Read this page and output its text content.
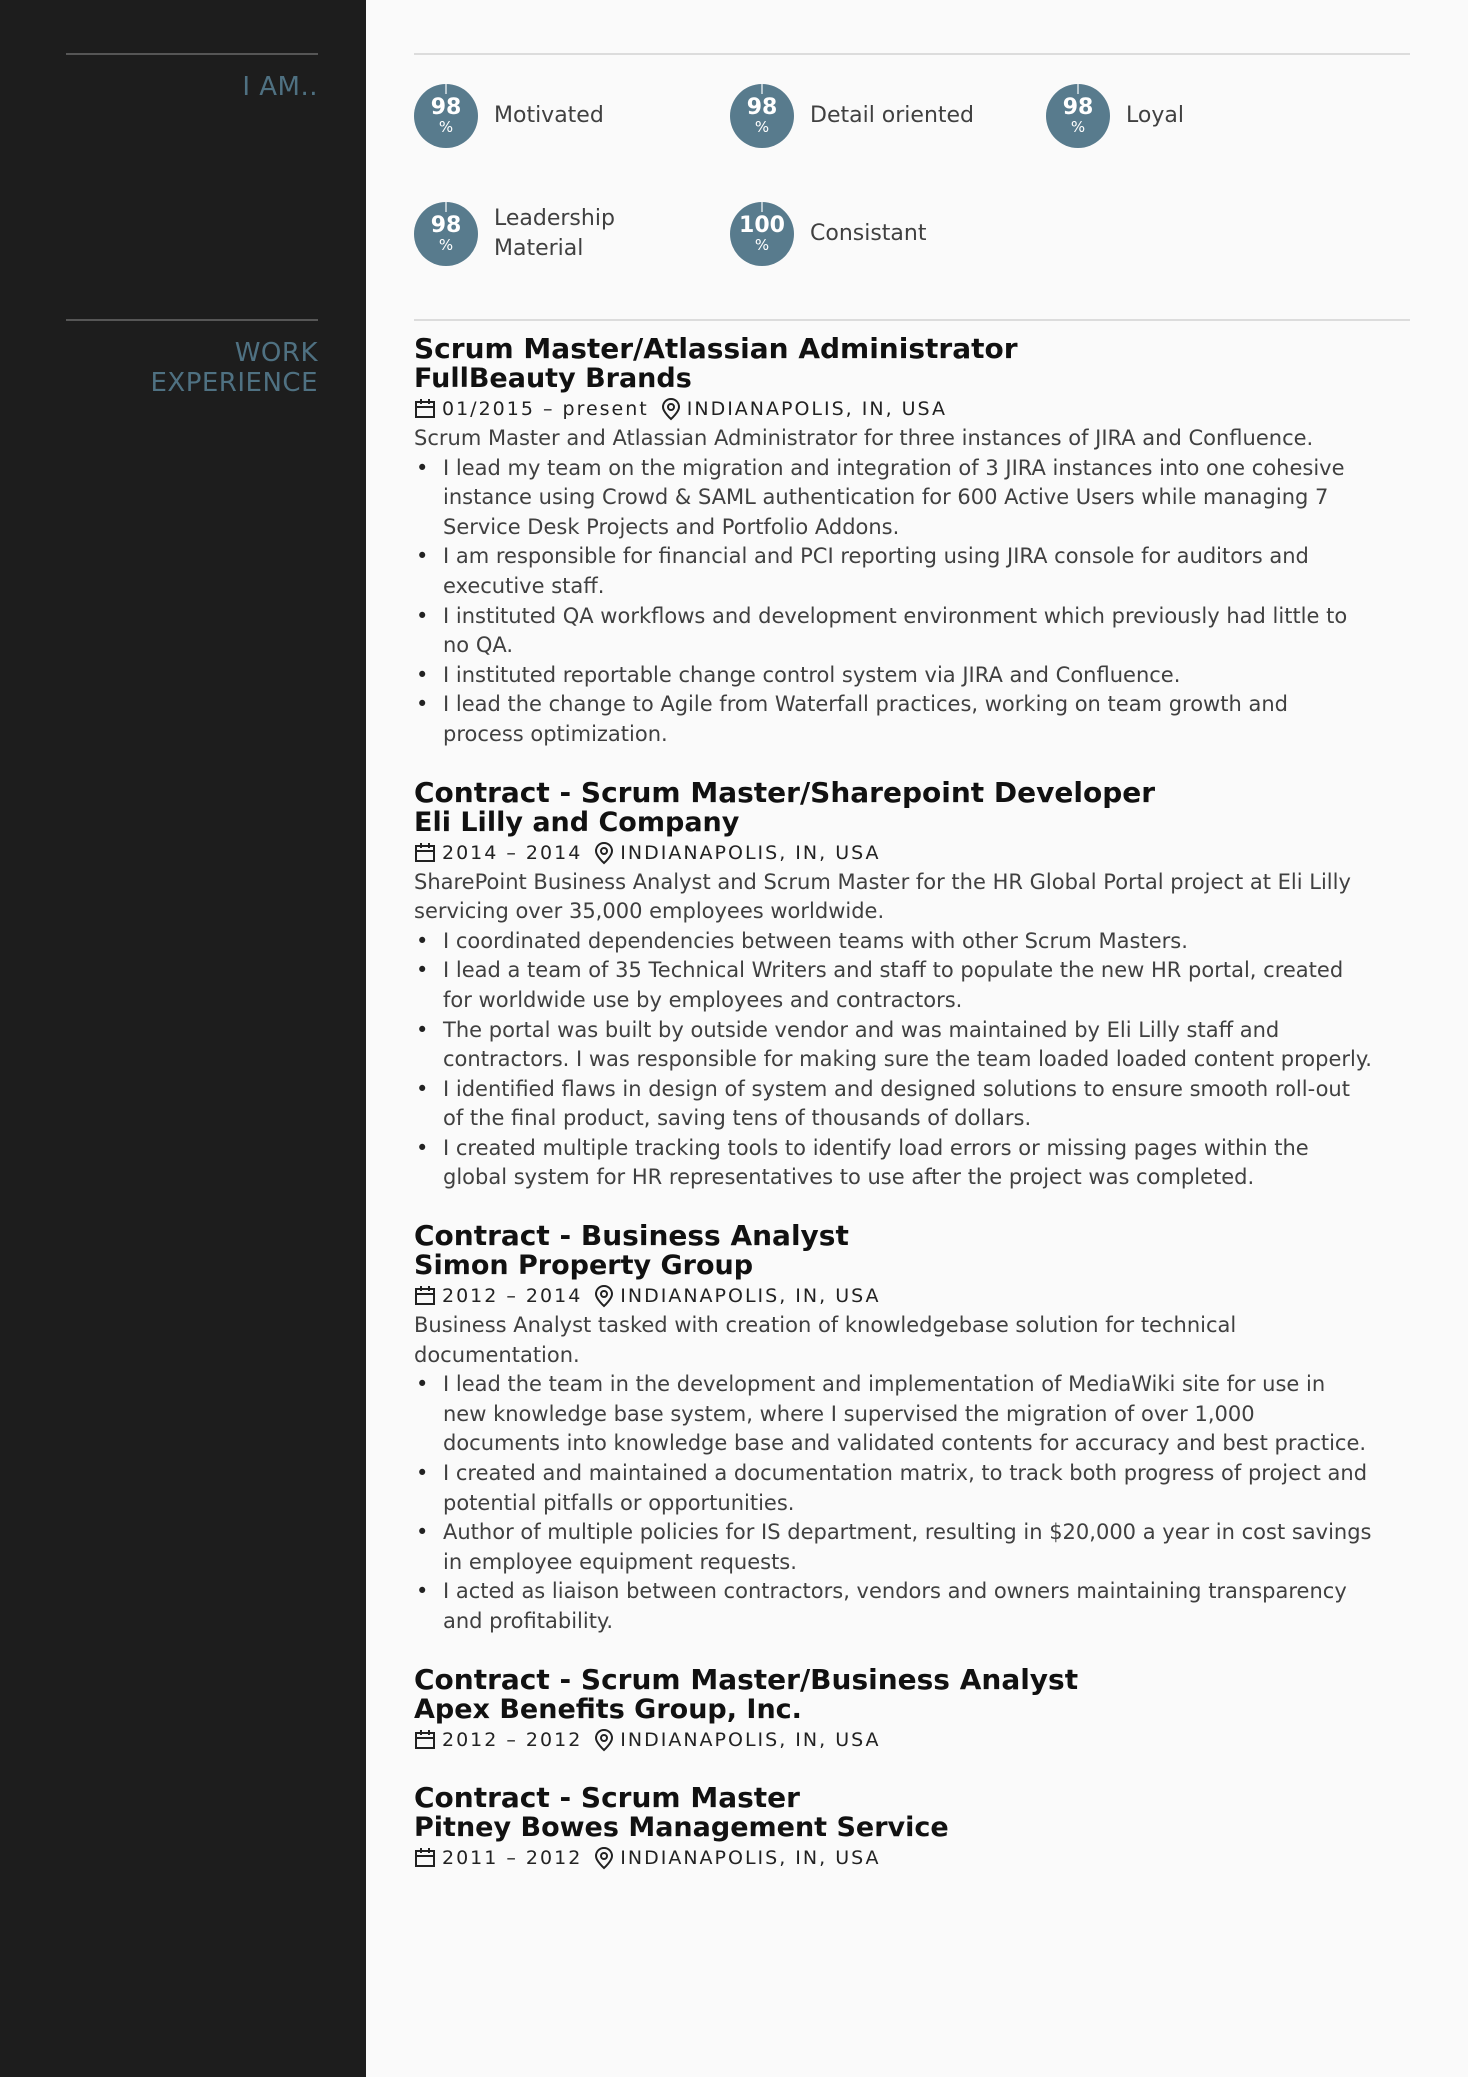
I AM..
98
% Motivated	98
% Detail oriented	98
% Loyal
98
%
Leadership Material
100
% Consistant
WORK EXPERIENCE
Scrum Master/Atlassian Administrator
FullBeauty Brands
01/2015 – present INDIANAPOLIS, IN, USA
Scrum Master and Atlassian Administrator for three instances of JIRA and Confluence.
• I lead my team on the migration and integration of 3 JIRA instances into one cohesive instance using Crowd & SAML authentication for 600 Active Users while managing 7 Service Desk Projects and Portfolio Addons.
• I am responsible for financial and PCI reporting using JIRA console for auditors and executive staff.
• I instituted QA workflows and development environment which previously had little to no QA.
• I instituted reportable change control system via JIRA and Confluence.
• I lead the change to Agile from Waterfall practices, working on team growth and process optimization.
Contract - Scrum Master/Sharepoint Developer
Eli Lilly and Company
2014 – 2014 INDIANAPOLIS, IN, USA
SharePoint Business Analyst and Scrum Master for the HR Global Portal project at Eli Lilly servicing over 35,000 employees worldwide.
• I coordinated dependencies between teams with other Scrum Masters.
• I lead a team of 35 Technical Writers and staff to populate the new HR portal, created for worldwide use by employees and contractors.
• The portal was built by outside vendor and was maintained by Eli Lilly staff and contractors. I was responsible for making sure the team loaded loaded content properly.
• I identified flaws in design of system and designed solutions to ensure smooth roll-out of the final product, saving tens of thousands of dollars.
• I created multiple tracking tools to identify load errors or missing pages within the global system for HR representatives to use after the project was completed.
Contract - Business Analyst
Simon Property Group
2012 – 2014 INDIANAPOLIS, IN, USA
Business Analyst tasked with creation of knowledgebase solution for technical documentation.
• I lead the team in the development and implementation of MediaWiki site for use in new knowledge base system, where I supervised the migration of over 1,000 documents into knowledge base and validated contents for accuracy and best practice.
• I created and maintained a documentation matrix, to track both progress of project and potential pitfalls or opportunities.
• Author of multiple policies for IS department, resulting in $20,000 a year in cost savings in employee equipment requests.
• I acted as liaison between contractors, vendors and owners maintaining transparency and profitability.
Contract - Scrum Master/Business Analyst
Apex Benefits Group, Inc.
2012 – 2012 INDIANAPOLIS, IN, USA
Contract - Scrum Master
Pitney Bowes Management Service
2011 – 2012 INDIANAPOLIS, IN, USA
